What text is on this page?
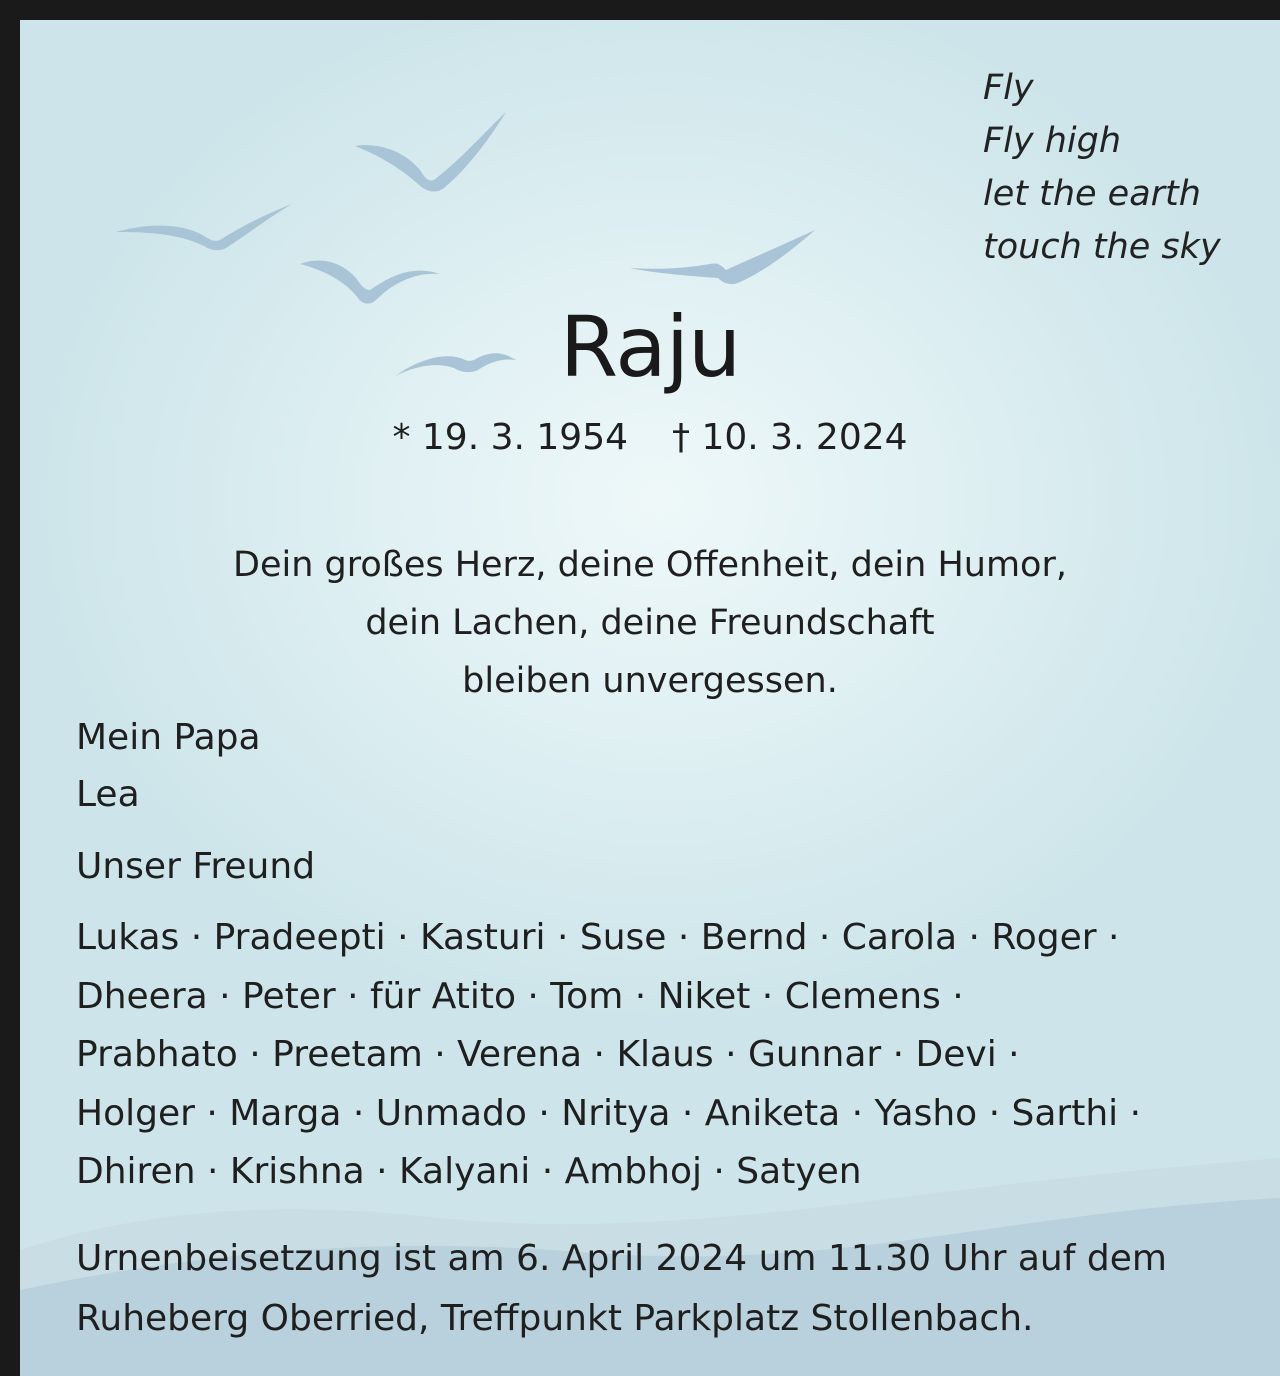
Fly
Fly high
let the earth
touch the sky
Raju
* 19. 3. 1954 † 10. 3. 2024
Dein großes Herz, deine Offenheit, dein Humor,
dein Lachen, deine Freundschaft
bleiben unvergessen.
Mein Papa
Lea
Unser Freund
Lukas · Pradeepti · Kasturi · Suse · Bernd · Carola · Roger ·
Dheera · Peter · für Atito · Tom · Niket · Clemens ·
Prabhato · Preetam · Verena · Klaus · Gunnar · Devi ·
Holger · Marga · Unmado · Nritya · Aniketa · Yasho · Sarthi ·
Dhiren · Krishna · Kalyani · Ambhoj · Satyen
Urnenbeisetzung ist am 6. April 2024 um 11.30 Uhr auf dem
Ruheberg Oberried, Treffpunkt Parkplatz Stollenbach.
